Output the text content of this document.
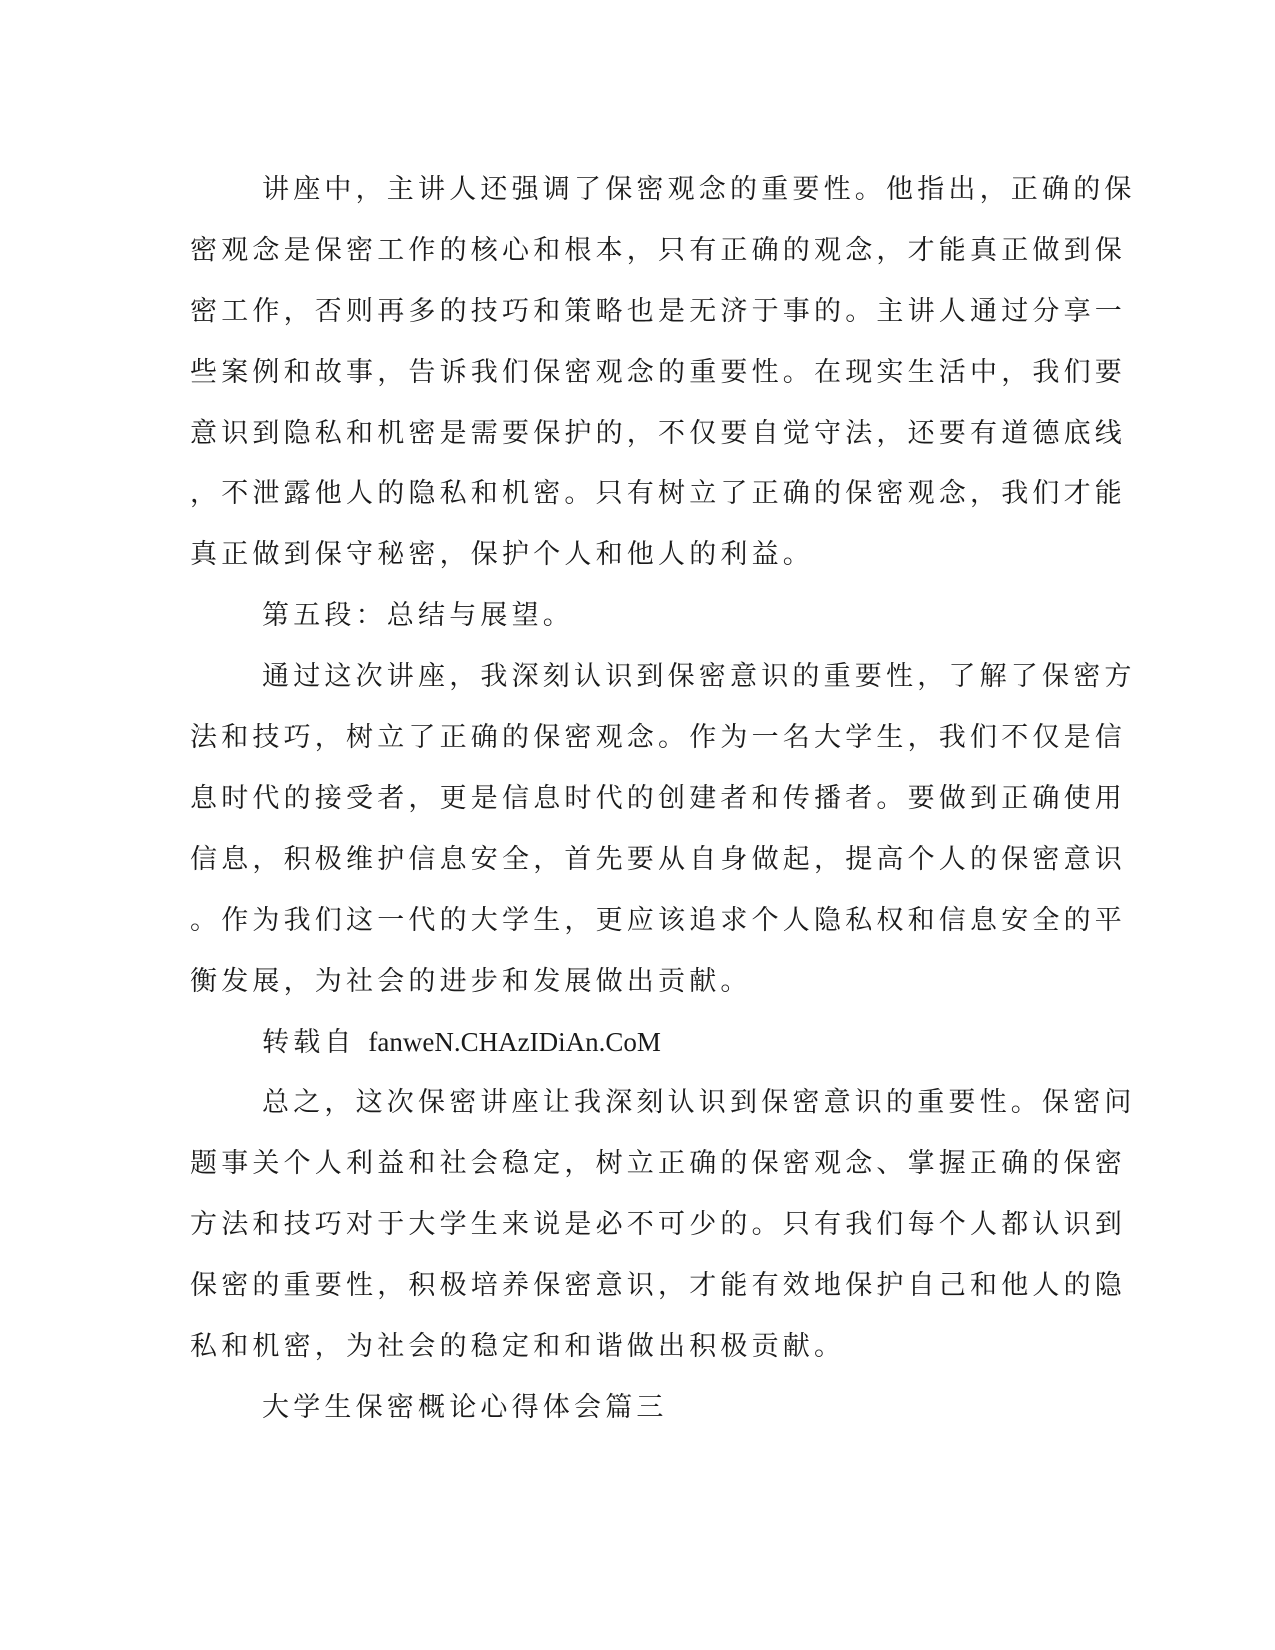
讲座中，主讲人还强调了保密观念的重要性。他指出，正确的保
密观念是保密工作的核心和根本，只有正确的观念，才能真正做到保
密工作，否则再多的技巧和策略也是无济于事的。主讲人通过分享一
些案例和故事，告诉我们保密观念的重要性。在现实生活中，我们要
意识到隐私和机密是需要保护的，不仅要自觉守法，还要有道德底线
，不泄露他人的隐私和机密。只有树立了正确的保密观念，我们才能
真正做到保守秘密，保护个人和他人的利益。
第五段：总结与展望。
通过这次讲座，我深刻认识到保密意识的重要性，了解了保密方
法和技巧，树立了正确的保密观念。作为一名大学生，我们不仅是信
息时代的接受者，更是信息时代的创建者和传播者。要做到正确使用
信息，积极维护信息安全，首先要从自身做起，提高个人的保密意识
。作为我们这一代的大学生，更应该追求个人隐私权和信息安全的平
衡发展，为社会的进步和发展做出贡献。
转载自 fanweN.CHAzIDiAn.CoM
总之，这次保密讲座让我深刻认识到保密意识的重要性。保密问
题事关个人利益和社会稳定，树立正确的保密观念、掌握正确的保密
方法和技巧对于大学生来说是必不可少的。只有我们每个人都认识到
保密的重要性，积极培养保密意识，才能有效地保护自己和他人的隐
私和机密，为社会的稳定和和谐做出积极贡献。
大学生保密概论心得体会篇三
